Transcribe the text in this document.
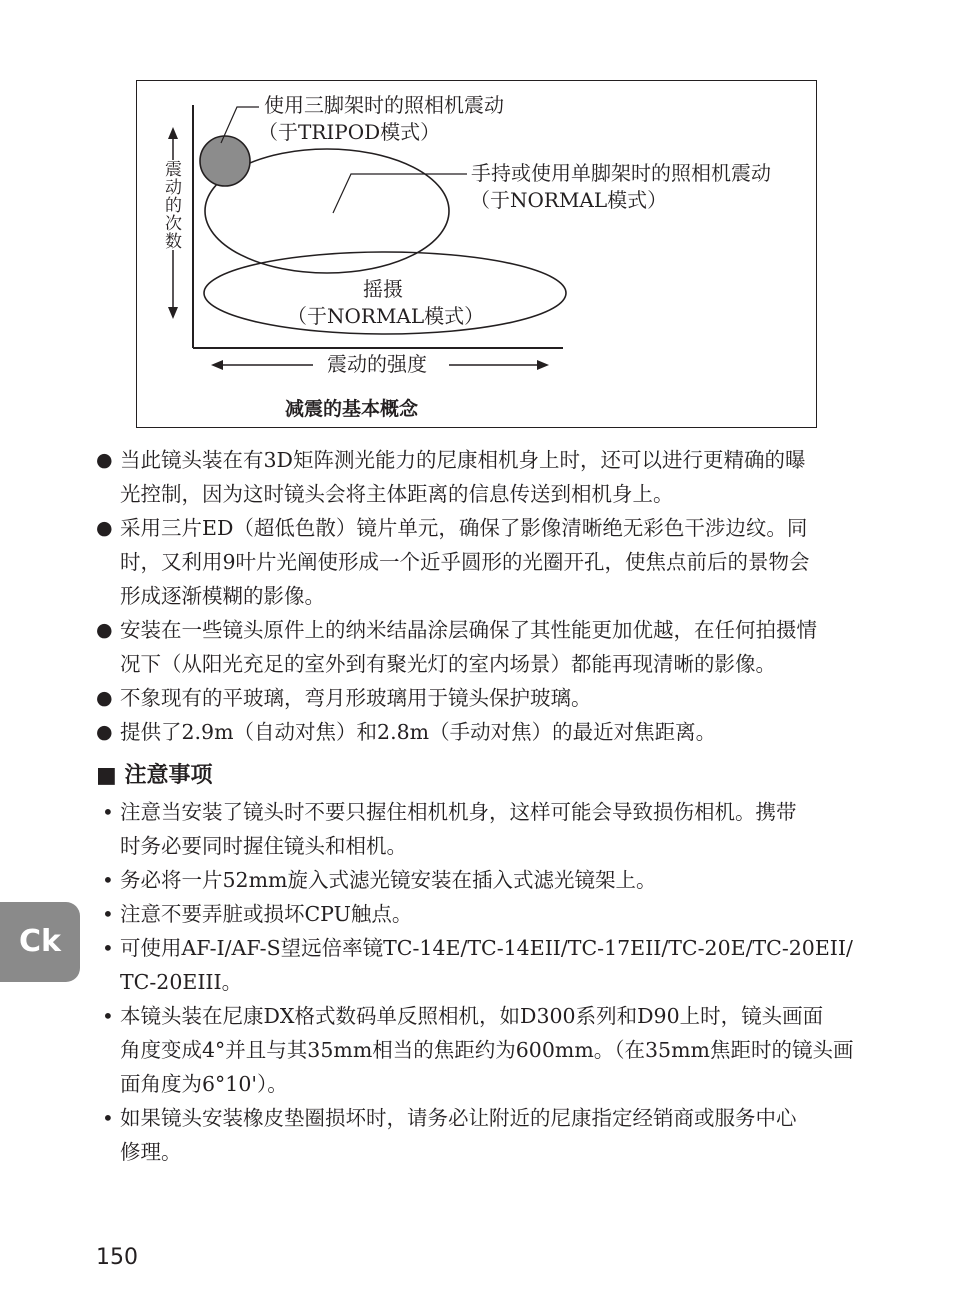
使用三脚架时的照相机震动
（于TRIPOD模式）
手持或使用单脚架时的照相机震动
（于NORMAL模式）
摇摄
（于NORMAL模式）
震动的次数
震动的强度
减震的基本概念
● 当此镜头装在有3D矩阵测光能力的尼康相机身上时，还可以进行更精确的曝
光控制，因为这时镜头会将主体距离的信息传送到相机身上。
● 采用三片ED（超低色散）镜片单元，确保了影像清晰绝无彩色干涉边纹。同
时，又利用9叶片光阐使形成一个近乎圆形的光圈开孔，使焦点前后的景物会
形成逐渐模糊的影像。
● 安装在一些镜头原件上的纳米结晶涂层确保了其性能更加优越，在任何拍摄情
况下（从阳光充足的室外到有聚光灯的室内场景）都能再现清晰的影像。
● 不象现有的平玻璃，弯月形玻璃用于镜头保护玻璃。
● 提供了2.9m（自动对焦）和2.8m（手动对焦）的最近对焦距离。
■ 注意事项
• 注意当安装了镜头时不要只握住相机机身，这样可能会导致损伤相机。携带
时务必要同时握住镜头和相机。
• 务必将一片52mm旋入式滤光镜安装在插入式滤光镜架上。
• 注意不要弄脏或损坏CPU触点。
• 可使用AF-I/AF-S望远倍率镜TC-14E/TC-14EII/TC-17EII/TC-20E/TC-20EII/
TC-20EIII。
• 本镜头装在尼康DX格式数码单反照相机，如D300系列和D90上时，镜头画面
角度变成4°并且与其35mm相当的焦距约为600mm。（在35mm焦距时的镜头画
面角度为6°10'）。
• 如果镜头安装橡皮垫圈损坏时，请务必让附近的尼康指定经销商或服务中心
修理。
Ck
150
